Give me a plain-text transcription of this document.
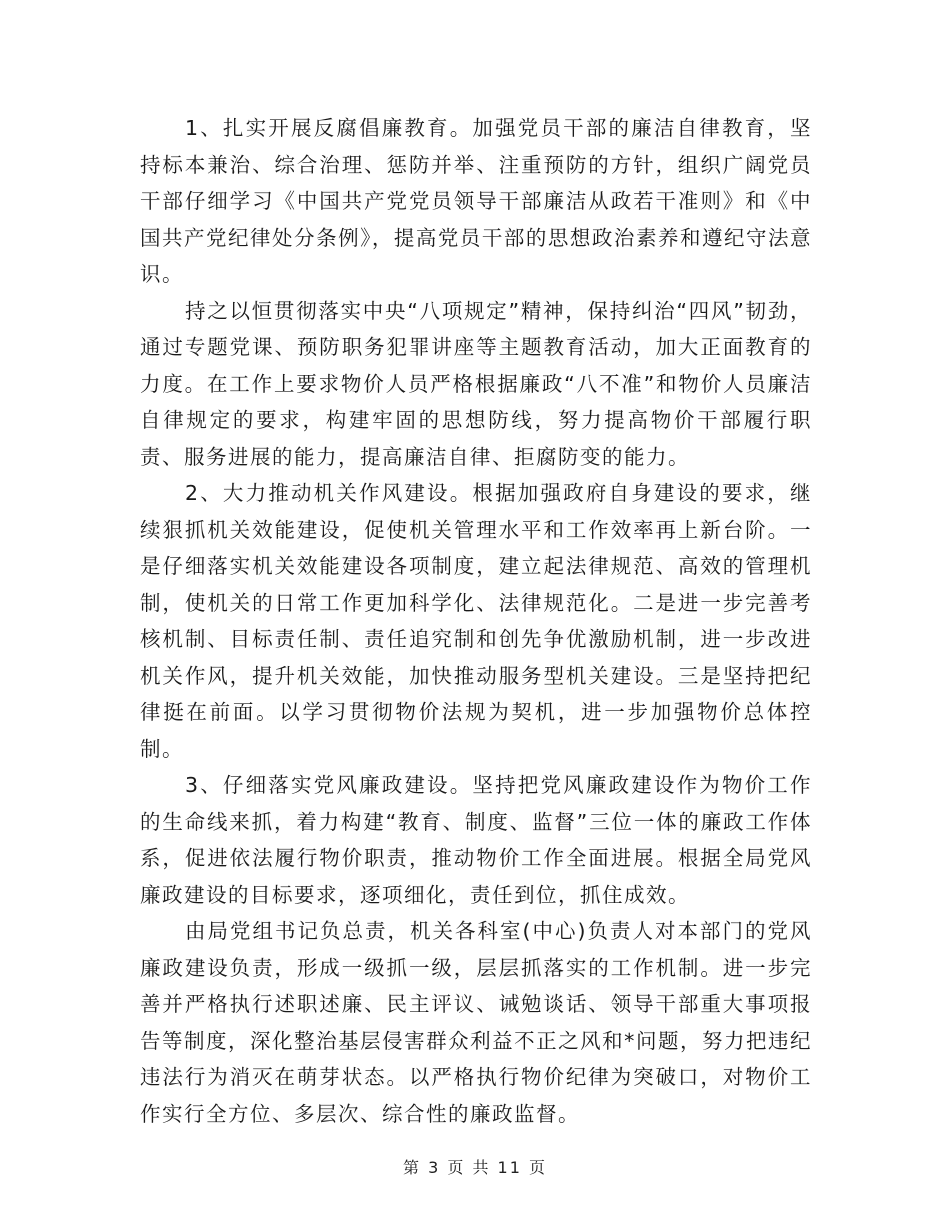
1、扎实开展反腐倡廉教育。加强党员干部的廉洁自律教育，坚持标本兼治、综合治理、惩防并举、注重预防的方针，组织广阔党员干部仔细学习《中国共产党党员领导干部廉洁从政若干准则》和《中国共产党纪律处分条例》，提高党员干部的思想政治素养和遵纪守法意识。

持之以恒贯彻落实中央“八项规定”精神，保持纠治“四风”韧劲，通过专题党课、预防职务犯罪讲座等主题教育活动，加大正面教育的力度。在工作上要求物价人员严格根据廉政“八不准”和物价人员廉洁自律规定的要求，构建牢固的思想防线，努力提高物价干部履行职责、服务进展的能力，提高廉洁自律、拒腐防变的能力。

2、大力推动机关作风建设。根据加强政府自身建设的要求，继续狠抓机关效能建设，促使机关管理水平和工作效率再上新台阶。一是仔细落实机关效能建设各项制度，建立起法律规范、高效的管理机制，使机关的日常工作更加科学化、法律规范化。二是进一步完善考核机制、目标责任制、责任追究制和创先争优激励机制，进一步改进机关作风，提升机关效能，加快推动服务型机关建设。三是坚持把纪律挺在前面。以学习贯彻物价法规为契机，进一步加强物价总体控制。

3、仔细落实党风廉政建设。坚持把党风廉政建设作为物价工作的生命线来抓，着力构建“教育、制度、监督”三位一体的廉政工作体系，促进依法履行物价职责，推动物价工作全面进展。根据全局党风廉政建设的目标要求，逐项细化，责任到位，抓住成效。

由局党组书记负总责，机关各科室(中心)负责人对本部门的党风廉政建设负责，形成一级抓一级，层层抓落实的工作机制。进一步完善并严格执行述职述廉、民主评议、诫勉谈话、领导干部重大事项报告等制度，深化整治基层侵害群众利益不正之风和*问题，努力把违纪违法行为消灭在萌芽状态。以严格执行物价纪律为突破口，对物价工作实行全方位、多层次、综合性的廉政监督。

第 3 页 共 11 页
